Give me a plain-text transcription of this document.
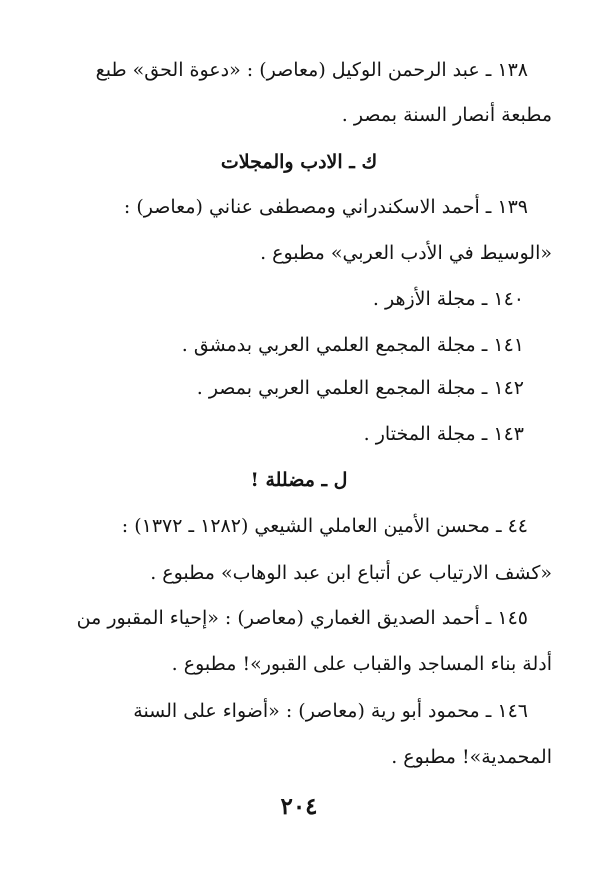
١٣٨ ـ عبد الرحمن الوكيل (معاصر) : «دعوة الحق» طبع
مطبعة أنصار السنة بمصر .
ك ـ الادب والمجلات
١٣٩ ـ أحمد الاسكندراني ومصطفى عناني (معاصر) :
«الوسيط في الأدب العربي» مطبوع .
١٤٠ ـ مجلة الأزهر .
١٤١ ـ مجلة المجمع العلمي العربي بدمشق .
١٤٢ ـ مجلة المجمع العلمي العربي بمصر .
١٤٣ ـ مجلة المختار .
ل ـ مضللة !
٤٤ ـ محسن الأمين العاملي الشيعي (١٢٨٢ ـ ١٣٧٢) :
«كشف الارتياب عن أتباع ابن عبد الوهاب» مطبوع .
١٤٥ ـ أحمد الصديق الغماري (معاصر) : «إحياء المقبور من
أدلة بناء المساجد والقباب على القبور»! مطبوع .
١٤٦ ـ محمود أبو رية (معاصر) : «أضواء على السنة
المحمدية»! مطبوع .
٢٠٤
